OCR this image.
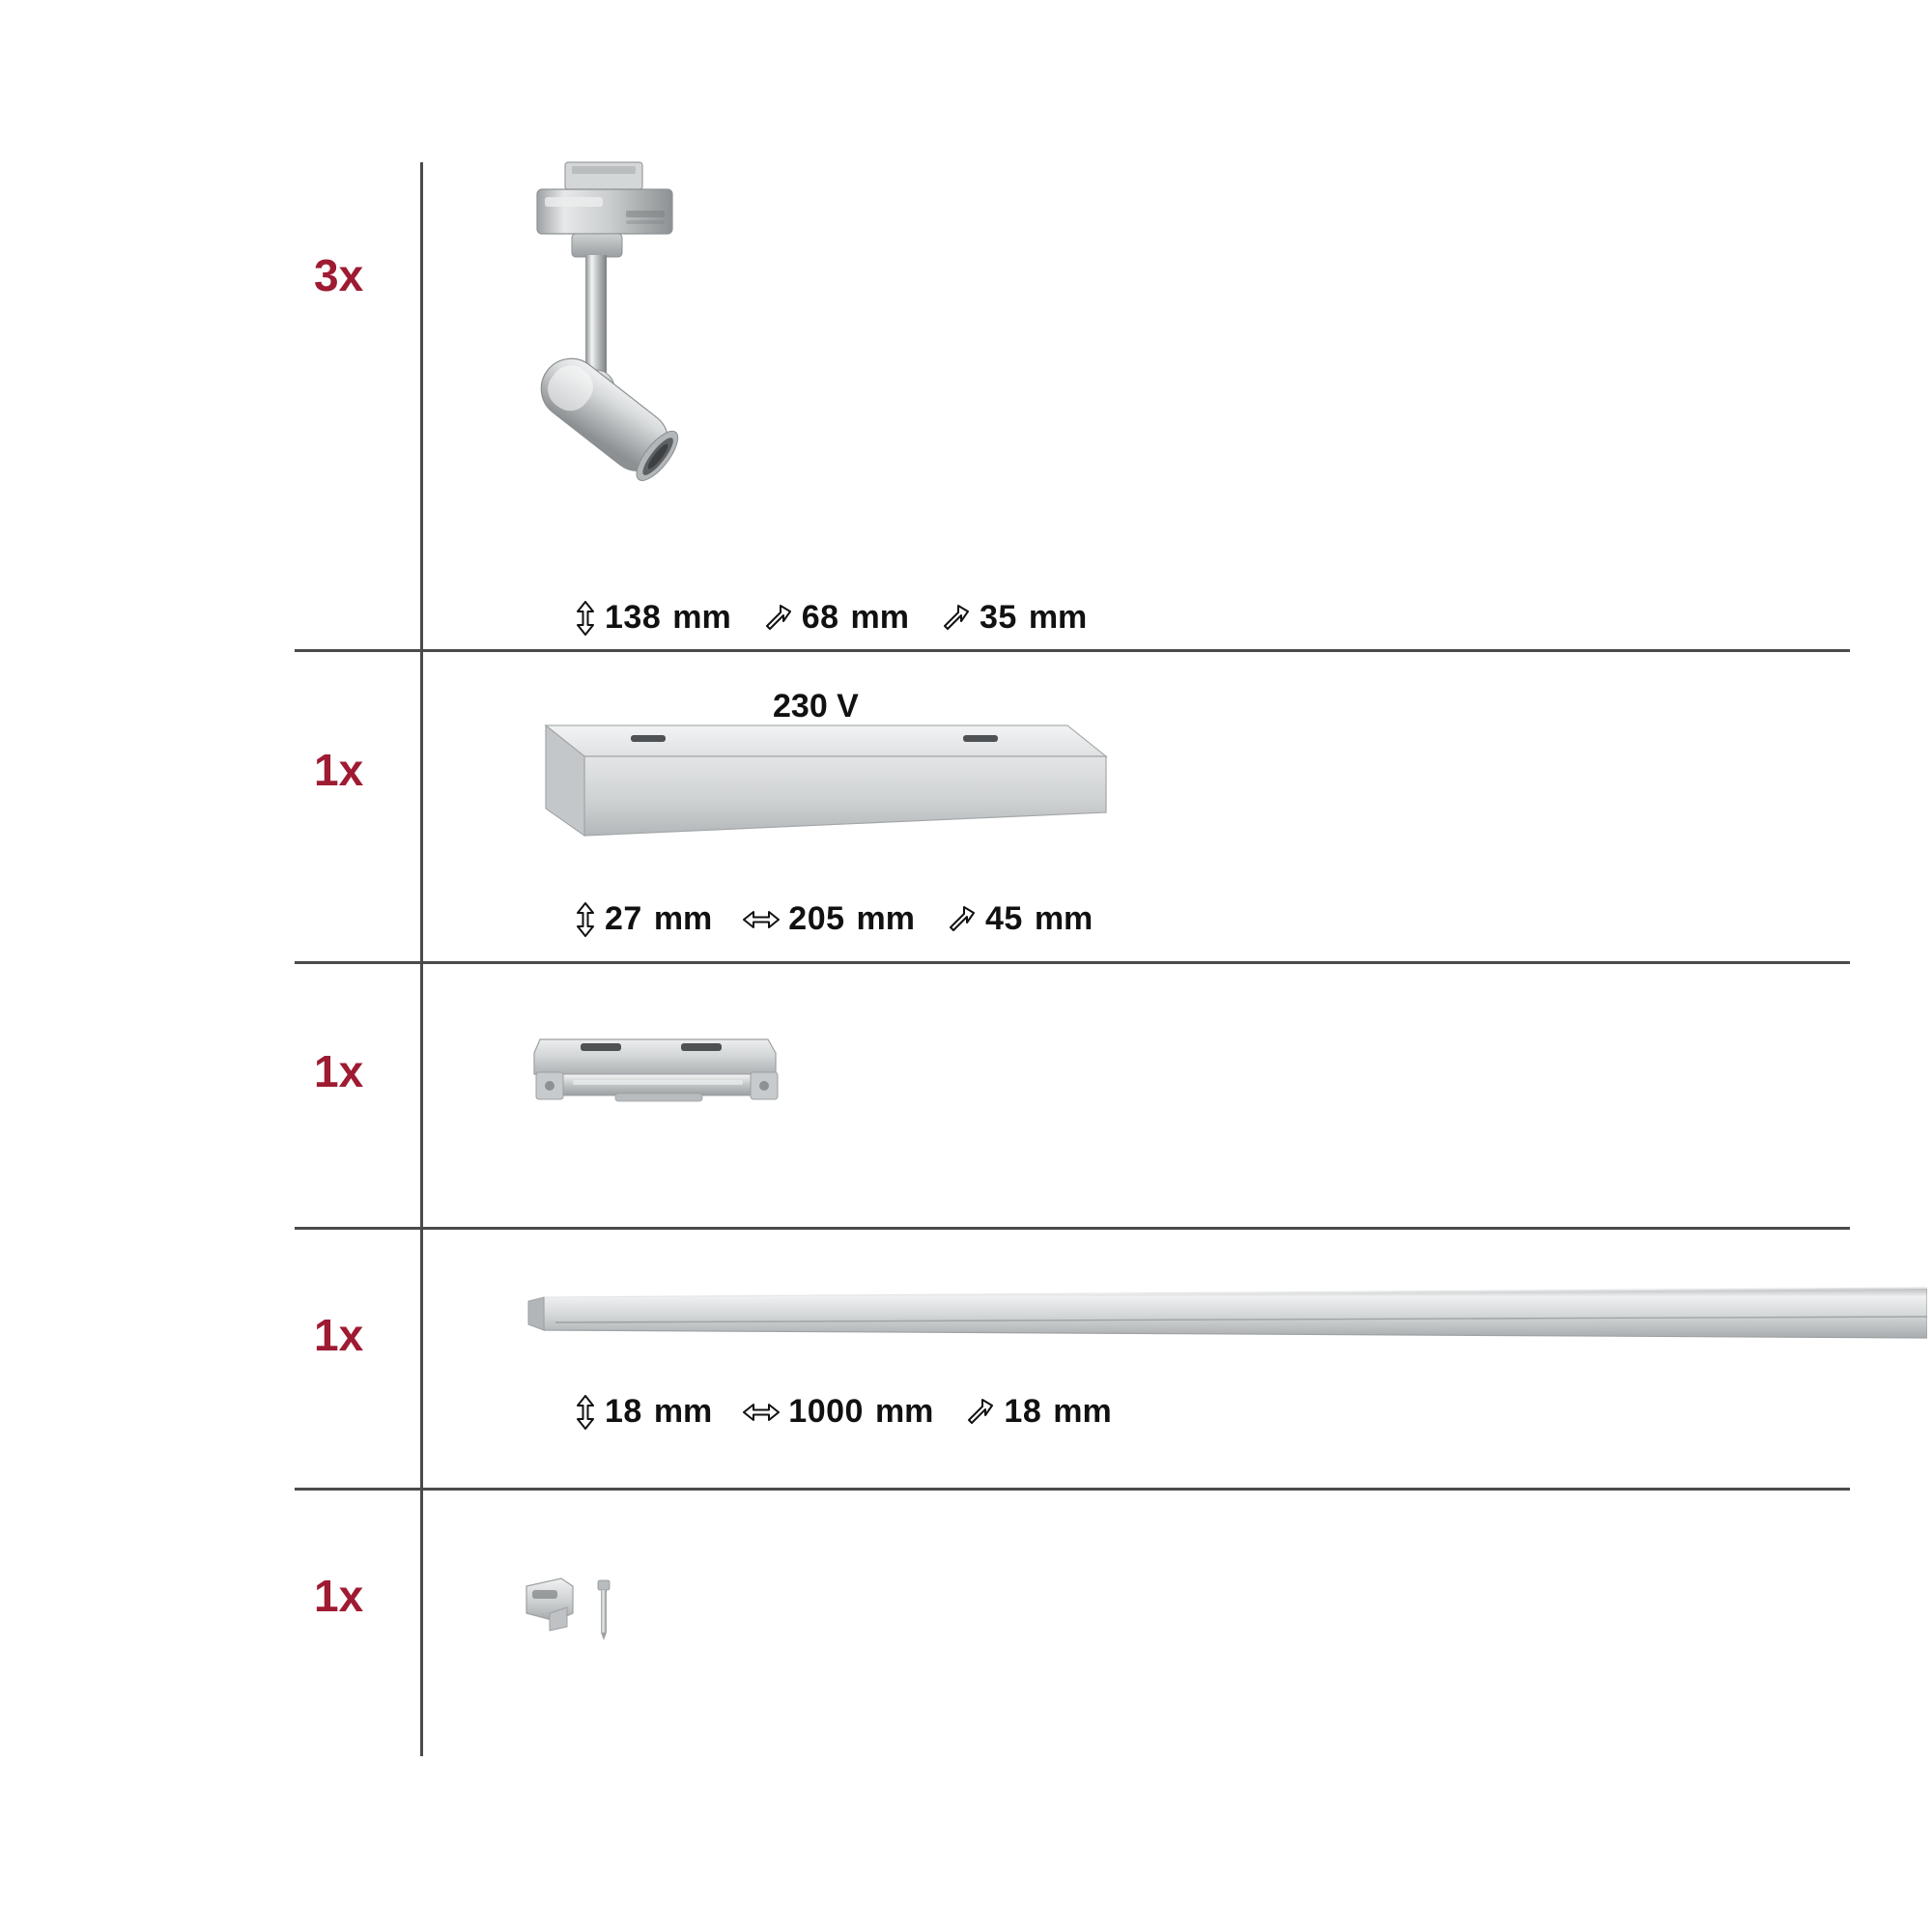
3x
138 mm 68 mm 35 mm
1x
230 V
27 mm 205 mm 45 mm
1x
1x
18 mm 1000 mm 18 mm
1x
